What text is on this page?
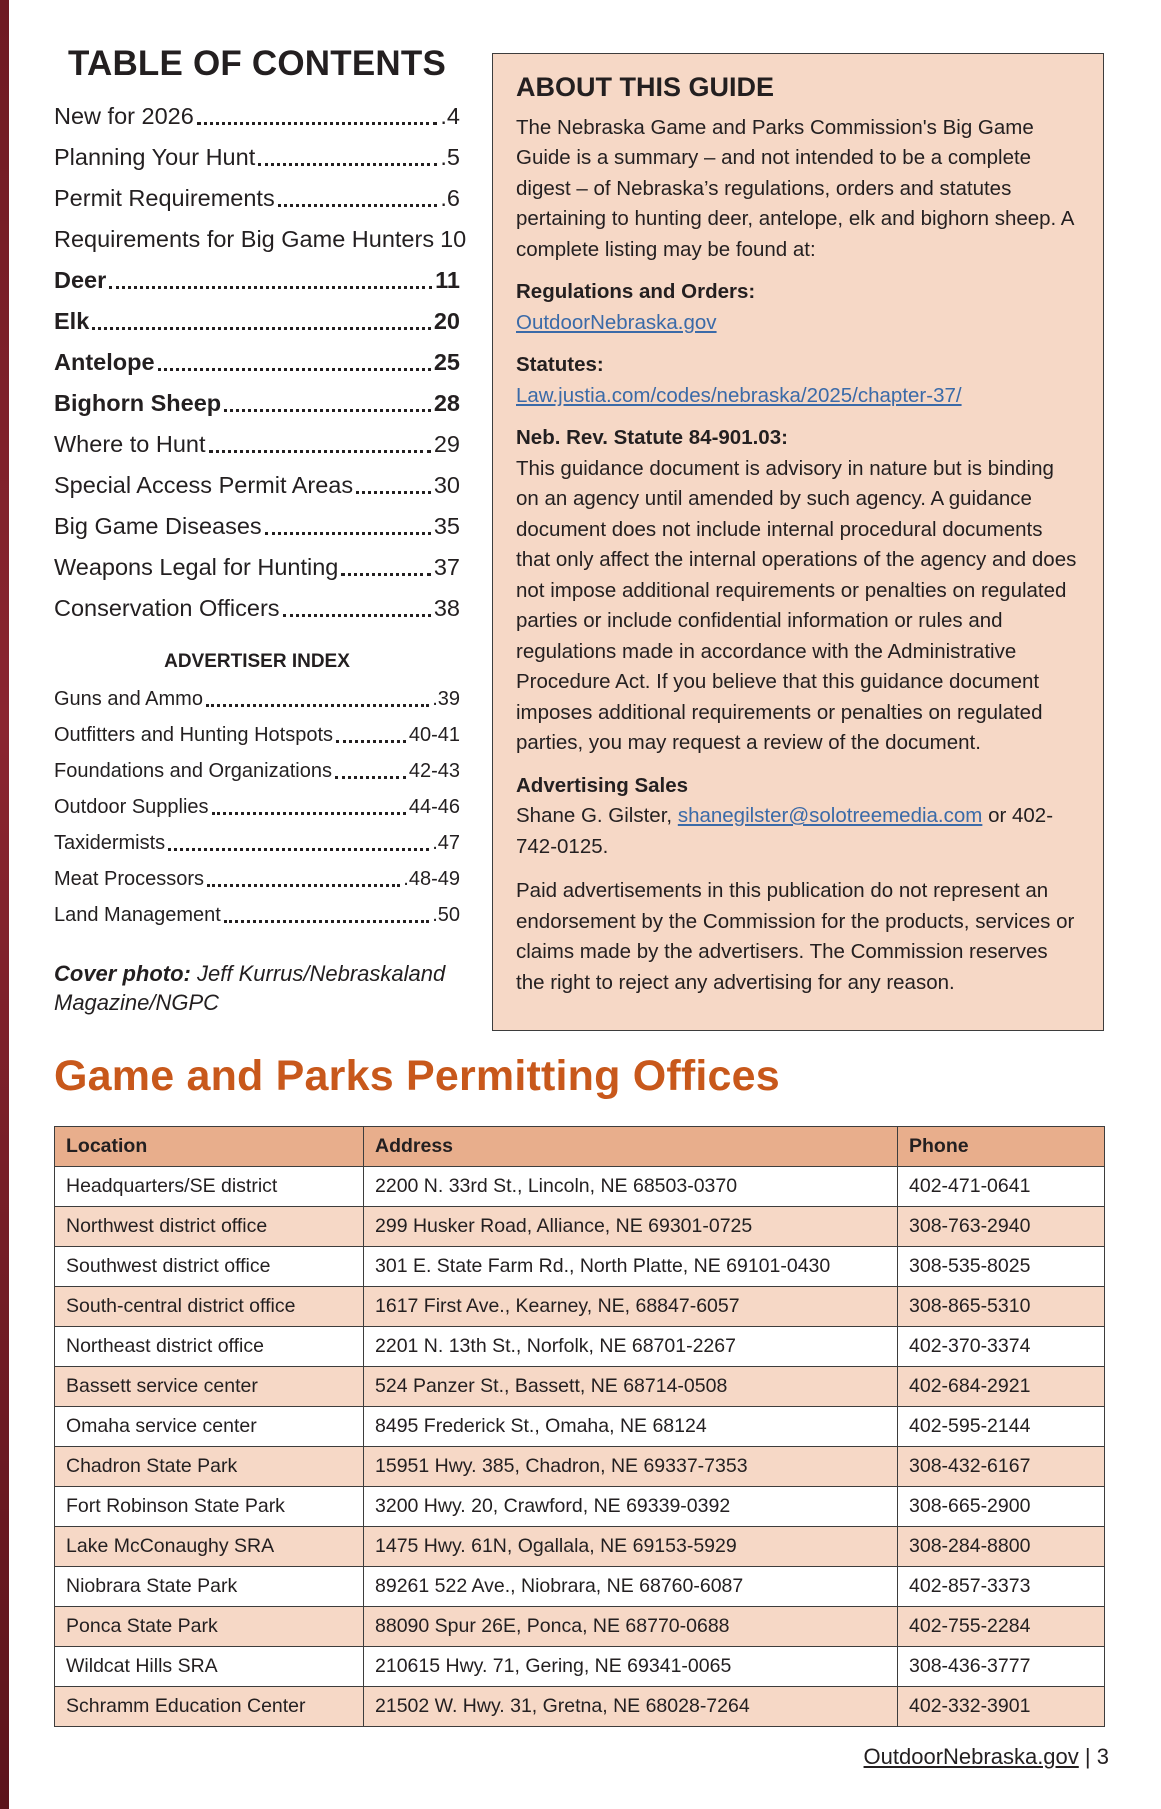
TABLE OF CONTENTS
New for 2026	.4
Planning Your Hunt	.5
Permit Requirements	.6
Requirements for Big Game Hunters 10
Deer	11
Elk	20
Antelope	25
Bighorn Sheep	28
Where to Hunt	29
Special Access Permit Areas	30
Big Game Diseases	35
Weapons Legal for Hunting	37
Conservation Officers	38
ADVERTISER INDEX
Guns and Ammo	.39
Outfitters and Hunting Hotspots	40-41
Foundations and Organizations	42-43
Outdoor Supplies	44-46
Taxidermists	.47
Meat Processors	.48-49
Land Management	.50
Cover photo: Jeff Kurrus/Nebraskaland Magazine/NGPC
ABOUT THIS GUIDE

The Nebraska Game and Parks Commission's Big Game Guide is a summary – and not intended to be a complete digest – of Nebraska’s regulations, orders and statutes pertaining to hunting deer, antelope, elk and bighorn sheep. A complete listing may be found at:

Regulations and Orders:

OutdoorNebraska.gov

Statutes:

Law.justia.com/codes/nebraska/2025/chapter-37/

Neb. Rev. Statute 84-901.03:

This guidance document is advisory in nature but is binding on an agency until amended by such agency. A guidance document does not include internal procedural documents that only affect the internal operations of the agency and does not impose additional requirements or penalties on regulated parties or include confidential information or rules and regulations made in accordance with the Administrative Procedure Act. If you believe that this guidance document imposes additional requirements or penalties on regulated parties, you may request a review of the document.

Advertising Sales

Shane G. Gilster, shanegilster@solotreemedia.com or 402-742-0125.

Paid advertisements in this publication do not represent an endorsement by the Commission for the products, services or claims made by the advertisers. The Commission reserves the right to reject any advertising for any reason.

Game and Parks Permitting Offices
Location	Address	Phone
Headquarters/SE district	2200 N. 33rd St., Lincoln, NE 68503-0370	402-471-0641
Northwest district office	299 Husker Road, Alliance, NE 69301-0725	308-763-2940
Southwest district office	301 E. State Farm Rd., North Platte, NE 69101-0430	308-535-8025
South-central district office	1617 First Ave., Kearney, NE, 68847-6057	308-865-5310
Northeast district office	2201 N. 13th St., Norfolk, NE 68701-2267	402-370-3374
Bassett service center	524 Panzer St., Bassett, NE 68714-0508	402-684-2921
Omaha service center	8495 Frederick St., Omaha, NE 68124	402-595-2144
Chadron State Park	15951 Hwy. 385, Chadron, NE 69337-7353	308-432-6167
Fort Robinson State Park	3200 Hwy. 20, Crawford, NE 69339-0392	308-665-2900
Lake McConaughy SRA	1475 Hwy. 61N, Ogallala, NE 69153-5929	308-284-8800
Niobrara State Park	89261 522 Ave., Niobrara, NE 68760-6087	402-857-3373
Ponca State Park	88090 Spur 26E, Ponca, NE 68770-0688	402-755-2284
Wildcat Hills SRA	210615 Hwy. 71, Gering, NE 69341-0065	308-436-3777
Schramm Education Center	21502 W. Hwy. 31, Gretna, NE 68028-7264	402-332-3901
OutdoorNebraska.gov | 3
